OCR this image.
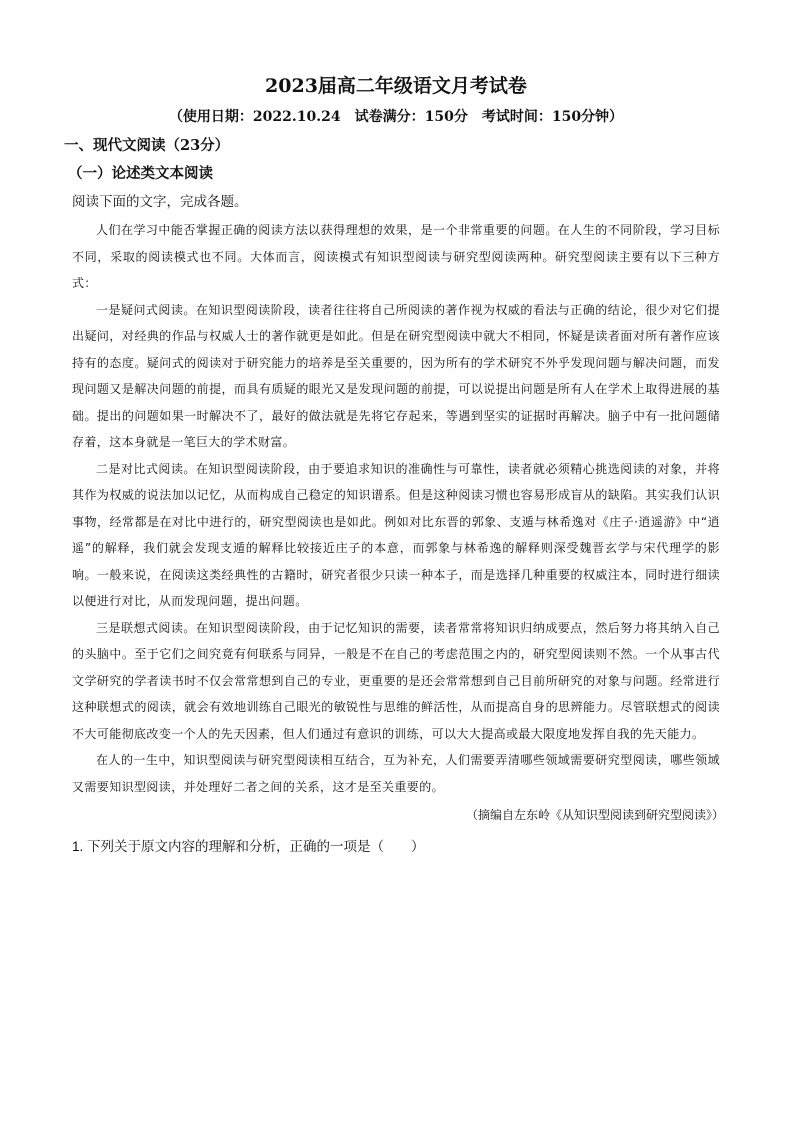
2023届高二年级语文月考试卷
（使用日期：2022.10.24　试卷满分：150分　考试时间：150分钟）
一、现代文阅读（23分）
（一）论述类文本阅读
阅读下面的文字，完成各题。

人们在学习中能否掌握正确的阅读方法以获得理想的效果，是一个非常重要的问题。在人生的不同阶段，学习目标不同，采取的阅读模式也不同。大体而言，阅读模式有知识型阅读与研究型阅读两种。研究型阅读主要有以下三种方式：

一是疑问式阅读。在知识型阅读阶段，读者往往将自己所阅读的著作视为权威的看法与正确的结论，很少对它们提出疑问，对经典的作品与权威人士的著作就更是如此。但是在研究型阅读中就大不相同，怀疑是读者面对所有著作应该持有的态度。疑问式的阅读对于研究能力的培养是至关重要的，因为所有的学术研究不外乎发现问题与解决问题，而发现问题又是解决问题的前提，而具有质疑的眼光又是发现问题的前提，可以说提出问题是所有人在学术上取得进展的基础。提出的问题如果一时解决不了，最好的做法就是先将它存起来，等遇到坚实的证据时再解决。脑子中有一批问题储存着，这本身就是一笔巨大的学术财富。

二是对比式阅读。在知识型阅读阶段，由于要追求知识的准确性与可靠性，读者就必须精心挑选阅读的对象，并将其作为权威的说法加以记忆，从而构成自己稳定的知识谱系。但是这种阅读习惯也容易形成盲从的缺陷。其实我们认识事物，经常都是在对比中进行的，研究型阅读也是如此。例如对比东晋的郭象、支遁与林希逸对《庄子·逍遥游》中“逍遥”的解释，我们就会发现支遁的解释比较接近庄子的本意，而郭象与林希逸的解释则深受魏晋玄学与宋代理学的影响。一般来说，在阅读这类经典性的古籍时，研究者很少只读一种本子，而是选择几种重要的权威注本，同时进行细读以便进行对比，从而发现问题，提出问题。

三是联想式阅读。在知识型阅读阶段，由于记忆知识的需要，读者常常将知识归纳成要点，然后努力将其纳入自己的头脑中。至于它们之间究竟有何联系与同异，一般是不在自己的考虑范围之内的，研究型阅读则不然。一个从事古代文学研究的学者读书时不仅会常常想到自己的专业，更重要的是还会常常想到自己目前所研究的对象与问题。经常进行这种联想式的阅读，就会有效地训练自己眼光的敏锐性与思维的鲜活性，从而提高自身的思辨能力。尽管联想式的阅读不大可能彻底改变一个人的先天因素，但人们通过有意识的训练，可以大大提高或最大限度地发挥自我的先天能力。

在人的一生中，知识型阅读与研究型阅读相互结合，互为补充，人们需要弄清哪些领域需要研究型阅读，哪些领域又需要知识型阅读，并处理好二者之间的关系，这才是至关重要的。

（摘编自左东岭《从知识型阅读到研究型阅读》）
1. 下列关于原文内容的理解和分析，正确的一项是（　　）
